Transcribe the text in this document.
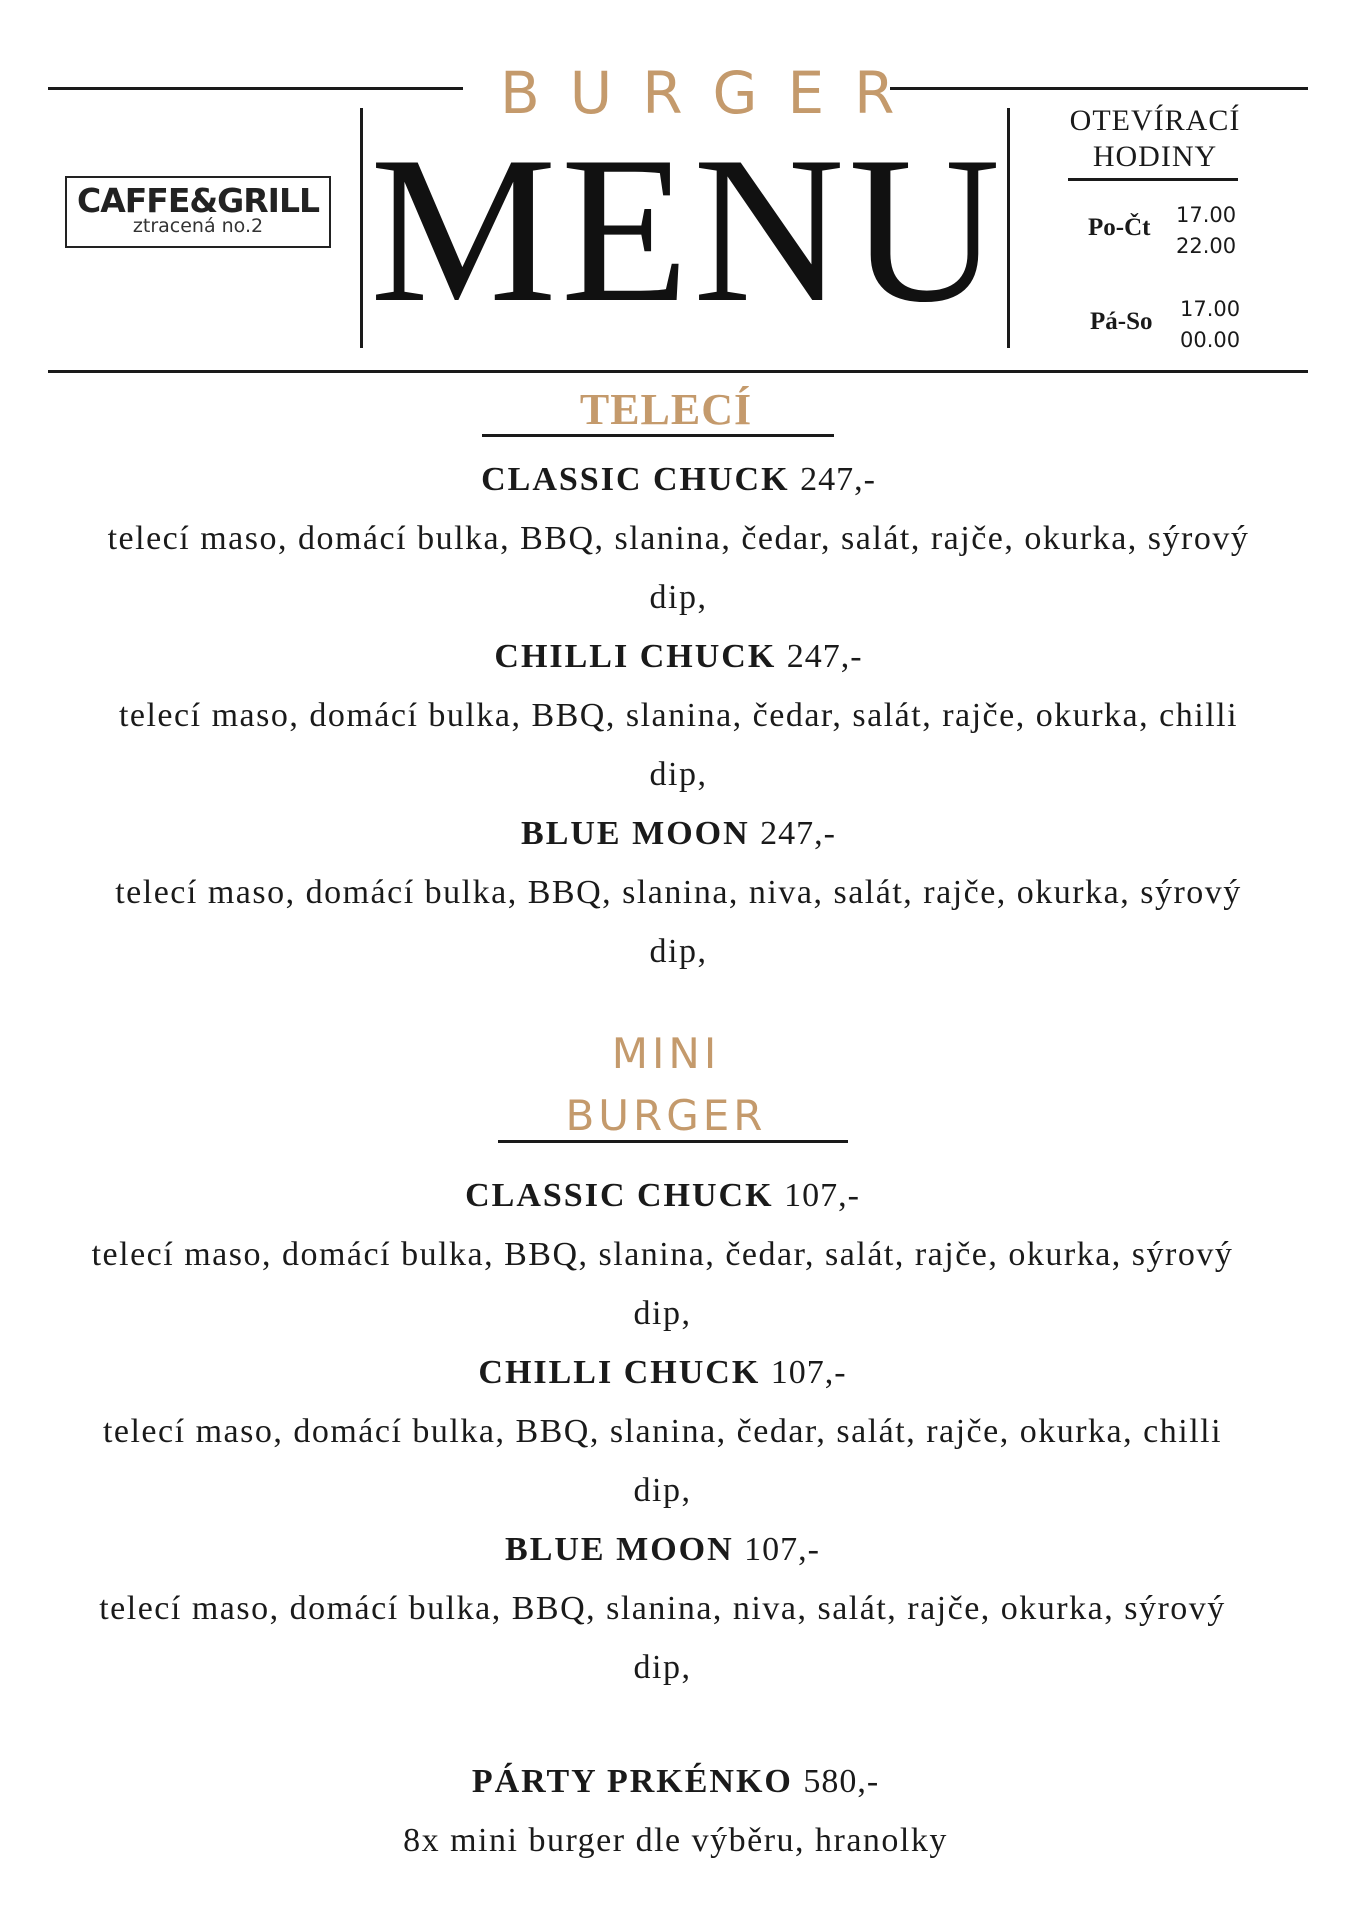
BURGER
MENU
CAFFE&GRILL
ztracená no.2
OTEVÍRACÍ
HODINY
Po-Čt 17.00
22.00
Pá-So 17.00
00.00
TELECÍ
CLASSIC CHUCK 247,-
telecí maso, domácí bulka, BBQ, slanina, čedar, salát, rajče, okurka, sýrový dip,
CHILLI CHUCK 247,-
telecí maso, domácí bulka, BBQ, slanina, čedar, salát, rajče, okurka, chilli dip,
BLUE MOON 247,-
telecí maso, domácí bulka, BBQ, slanina, niva, salát, rajče, okurka, sýrový dip,
MINI
BURGER
CLASSIC CHUCK 107,-
telecí maso, domácí bulka, BBQ, slanina, čedar, salát, rajče, okurka, sýrový dip,
CHILLI CHUCK 107,-
telecí maso, domácí bulka, BBQ, slanina, čedar, salát, rajče, okurka, chilli dip,
BLUE MOON 107,-
telecí maso, domácí bulka, BBQ, slanina, niva, salát, rajče, okurka, sýrový dip,
PÁRTY PRKÉNKO 580,-
8x mini burger dle výběru, hranolky
